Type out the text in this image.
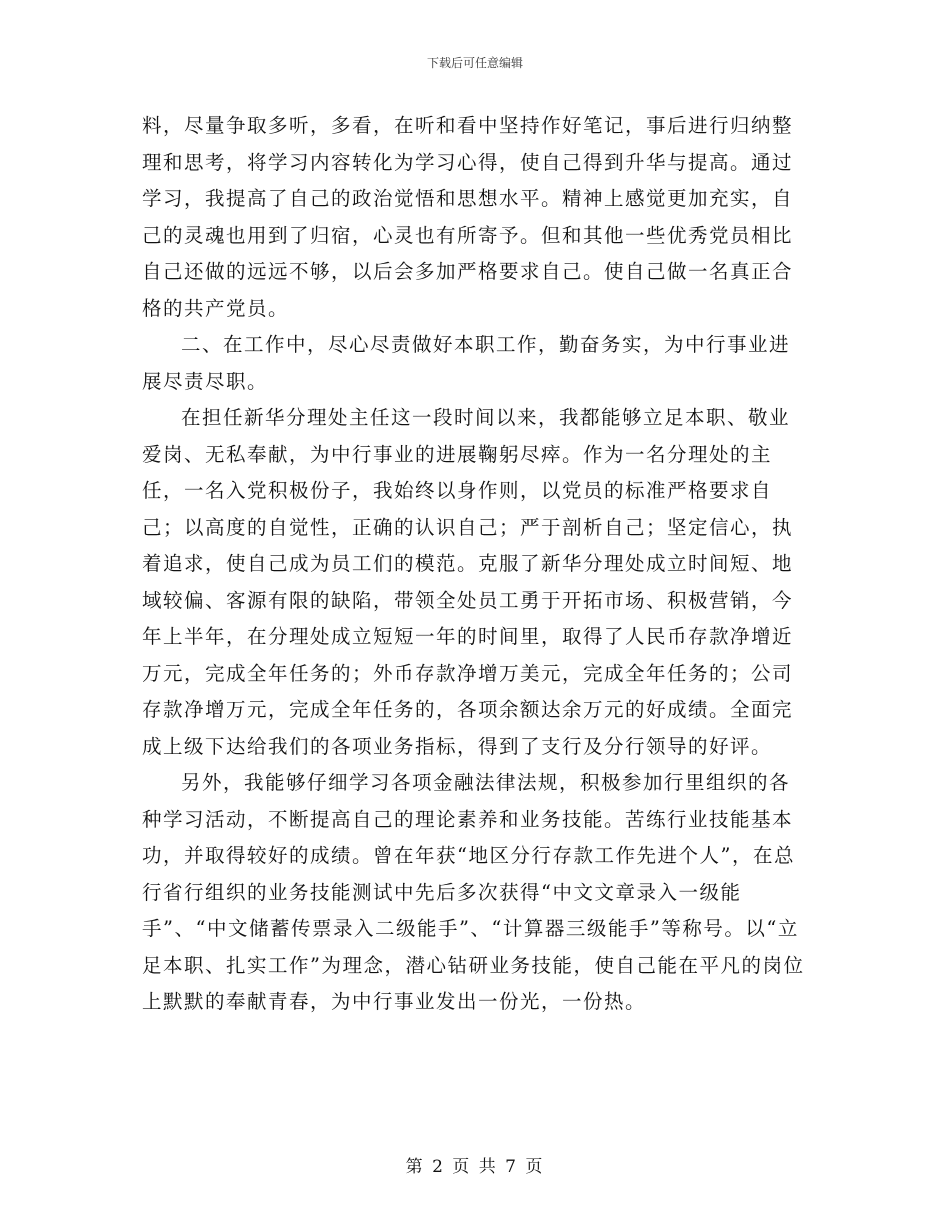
下载后可任意编辑

料，尽量争取多听，多看，在听和看中坚持作好笔记，事后进行归纳整理和思考，将学习内容转化为学习心得，使自己得到升华与提高。通过学习，我提高了自己的政治觉悟和思想水平。精神上感觉更加充实，自己的灵魂也用到了归宿，心灵也有所寄予。但和其他一些优秀党员相比自己还做的远远不够，以后会多加严格要求自己。使自己做一名真正合格的共产党员。

二、在工作中，尽心尽责做好本职工作，勤奋务实，为中行事业进展尽责尽职。

在担任新华分理处主任这一段时间以来，我都能够立足本职、敬业爱岗、无私奉献，为中行事业的进展鞠躬尽瘁。作为一名分理处的主任，一名入党积极份子，我始终以身作则，以党员的标准严格要求自己；以高度的自觉性，正确的认识自己；严于剖析自己；坚定信心，执着追求，使自己成为员工们的模范。克服了新华分理处成立时间短、地域较偏、客源有限的缺陷，带领全处员工勇于开拓市场、积极营销，今年上半年，在分理处成立短短一年的时间里，取得了人民币存款净增近万元，完成全年任务的；外币存款净增万美元，完成全年任务的；公司存款净增万元，完成全年任务的，各项余额达余万元的好成绩。全面完成上级下达给我们的各项业务指标，得到了支行及分行领导的好评。

另外，我能够仔细学习各项金融法律法规，积极参加行里组织的各种学习活动，不断提高自己的理论素养和业务技能。苦练行业技能基本功，并取得较好的成绩。曾在年获“地区分行存款工作先进个人”，在总行省行组织的业务技能测试中先后多次获得“中文文章录入一级能手”、“中文储蓄传票录入二级能手”、“计算器三级能手”等称号。以“立足本职、扎实工作”为理念，潜心钻研业务技能，使自己能在平凡的岗位上默默的奉献青春，为中行事业发出一份光，一份热。

第 2 页 共 7 页
